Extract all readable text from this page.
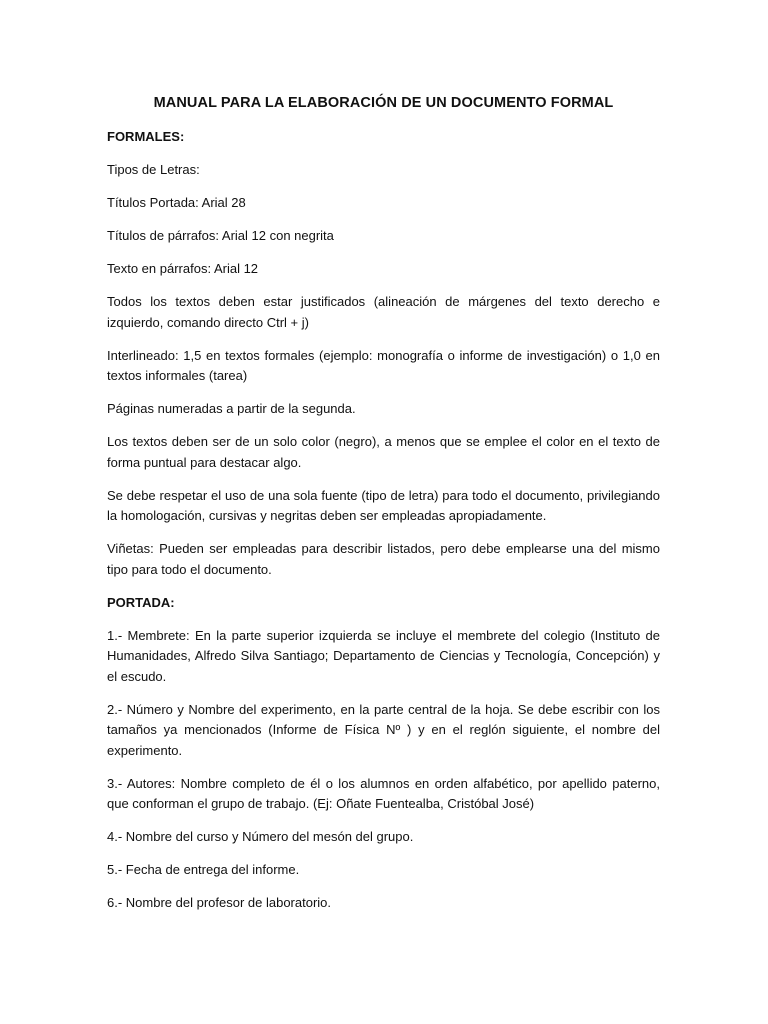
MANUAL PARA LA ELABORACIÓN DE UN DOCUMENTO FORMAL
FORMALES:
Tipos de Letras:
Títulos Portada: Arial 28
Títulos de párrafos: Arial 12 con negrita
Texto en párrafos: Arial 12
Todos los textos deben estar justificados (alineación de márgenes del texto derecho e izquierdo, comando directo Ctrl + j)
Interlineado: 1,5 en textos formales (ejemplo: monografía o informe de investigación) o 1,0 en textos informales (tarea)
Páginas numeradas a partir de la segunda.
Los textos deben ser de un solo color (negro), a menos que se emplee el color en el texto de forma puntual para destacar algo.
Se debe respetar el uso de una sola fuente (tipo de letra) para todo el documento, privilegiando la homologación, cursivas y negritas deben ser empleadas apropiadamente.
Viñetas: Pueden ser empleadas para describir listados, pero debe emplearse una del mismo tipo para todo el documento.
PORTADA:
1.- Membrete: En la parte superior izquierda se incluye el membrete del colegio (Instituto de Humanidades, Alfredo Silva Santiago; Departamento de Ciencias y Tecnología, Concepción) y el escudo.
2.- Número y Nombre del experimento, en la parte central de la hoja. Se debe escribir con los tamaños ya mencionados (Informe de Física Nº ) y en el reglón siguiente, el nombre del experimento.
3.- Autores: Nombre completo de él o los alumnos en orden alfabético, por apellido paterno, que conforman el grupo de trabajo. (Ej: Oñate Fuentealba, Cristóbal José)
4.- Nombre del curso y Número del mesón del grupo.
5.- Fecha de entrega del informe.
6.- Nombre del profesor de laboratorio.
